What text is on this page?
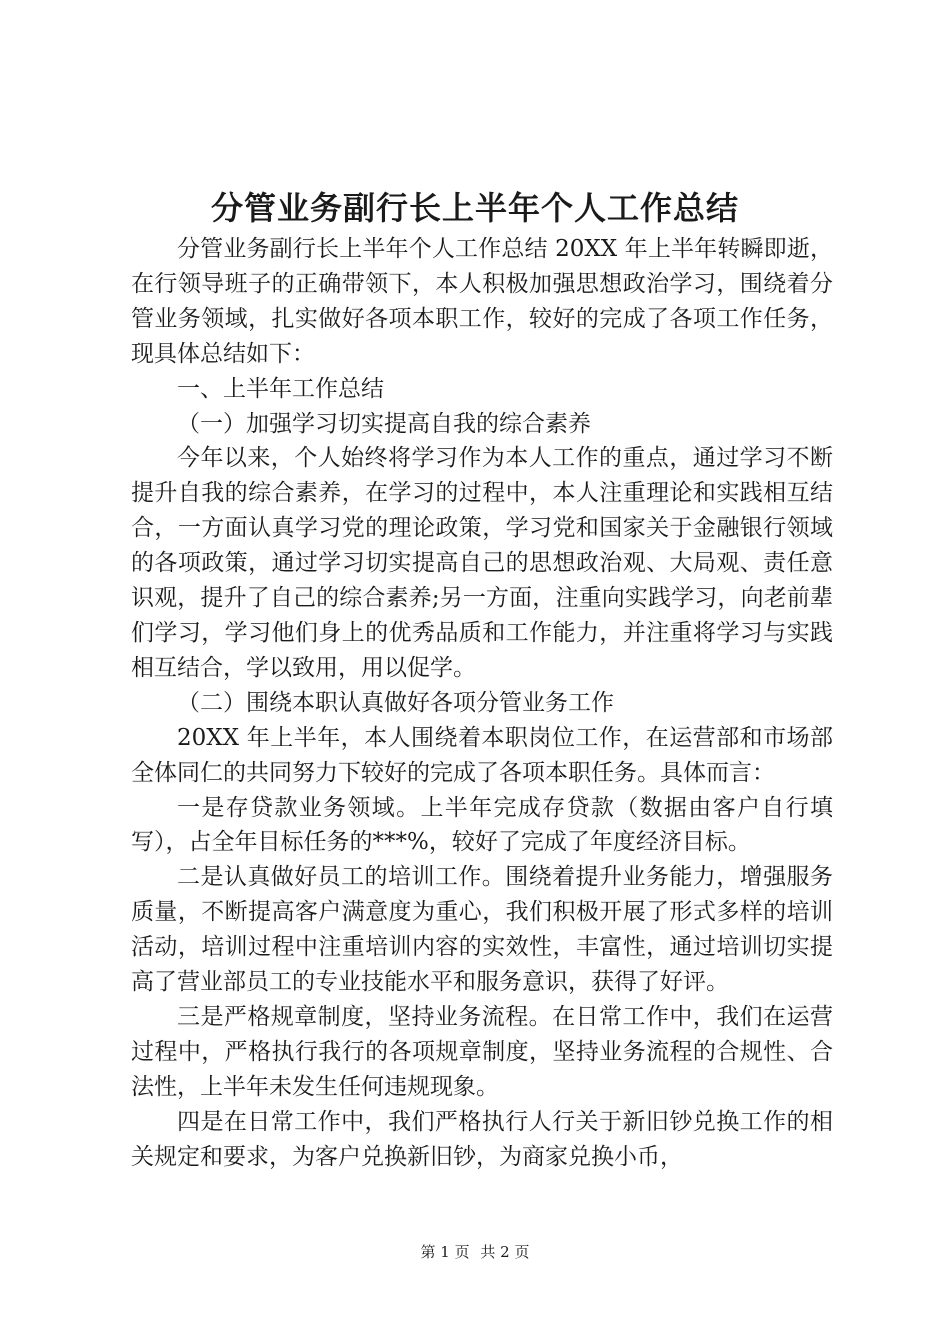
分管业务副行长上半年个人工作总结

分管业务副行长上半年个人工作总结 20XX 年上半年转瞬即逝，在行领导班子的正确带领下，本人积极加强思想政治学习，围绕着分管业务领域，扎实做好各项本职工作，较好的完成了各项工作任务，现具体总结如下：

一、上半年工作总结

（一）加强学习切实提高自我的综合素养

今年以来，个人始终将学习作为本人工作的重点，通过学习不断提升自我的综合素养，在学习的过程中，本人注重理论和实践相互结合，一方面认真学习党的理论政策，学习党和国家关于金融银行领域的各项政策，通过学习切实提高自己的思想政治观、大局观、责任意识观，提升了自己的综合素养;另一方面，注重向实践学习，向老前辈们学习，学习他们身上的优秀品质和工作能力，并注重将学习与实践相互结合，学以致用，用以促学。

（二）围绕本职认真做好各项分管业务工作

20XX 年上半年，本人围绕着本职岗位工作，在运营部和市场部全体同仁的共同努力下较好的完成了各项本职任务。具体而言：

一是存贷款业务领域。上半年完成存贷款（数据由客户自行填写），占全年目标任务的***%，较好了完成了年度经济目标。

二是认真做好员工的培训工作。围绕着提升业务能力，增强服务质量，不断提高客户满意度为重心，我们积极开展了形式多样的培训活动，培训过程中注重培训内容的实效性，丰富性，通过培训切实提高了营业部员工的专业技能水平和服务意识，获得了好评。

三是严格规章制度，坚持业务流程。在日常工作中，我们在运营过程中，严格执行我行的各项规章制度，坚持业务流程的合规性、合法性，上半年未发生任何违规现象。

四是在日常工作中，我们严格执行人行关于新旧钞兑换工作的相关规定和要求，为客户兑换新旧钞，为商家兑换小币，

第 1 页 共 2 页
